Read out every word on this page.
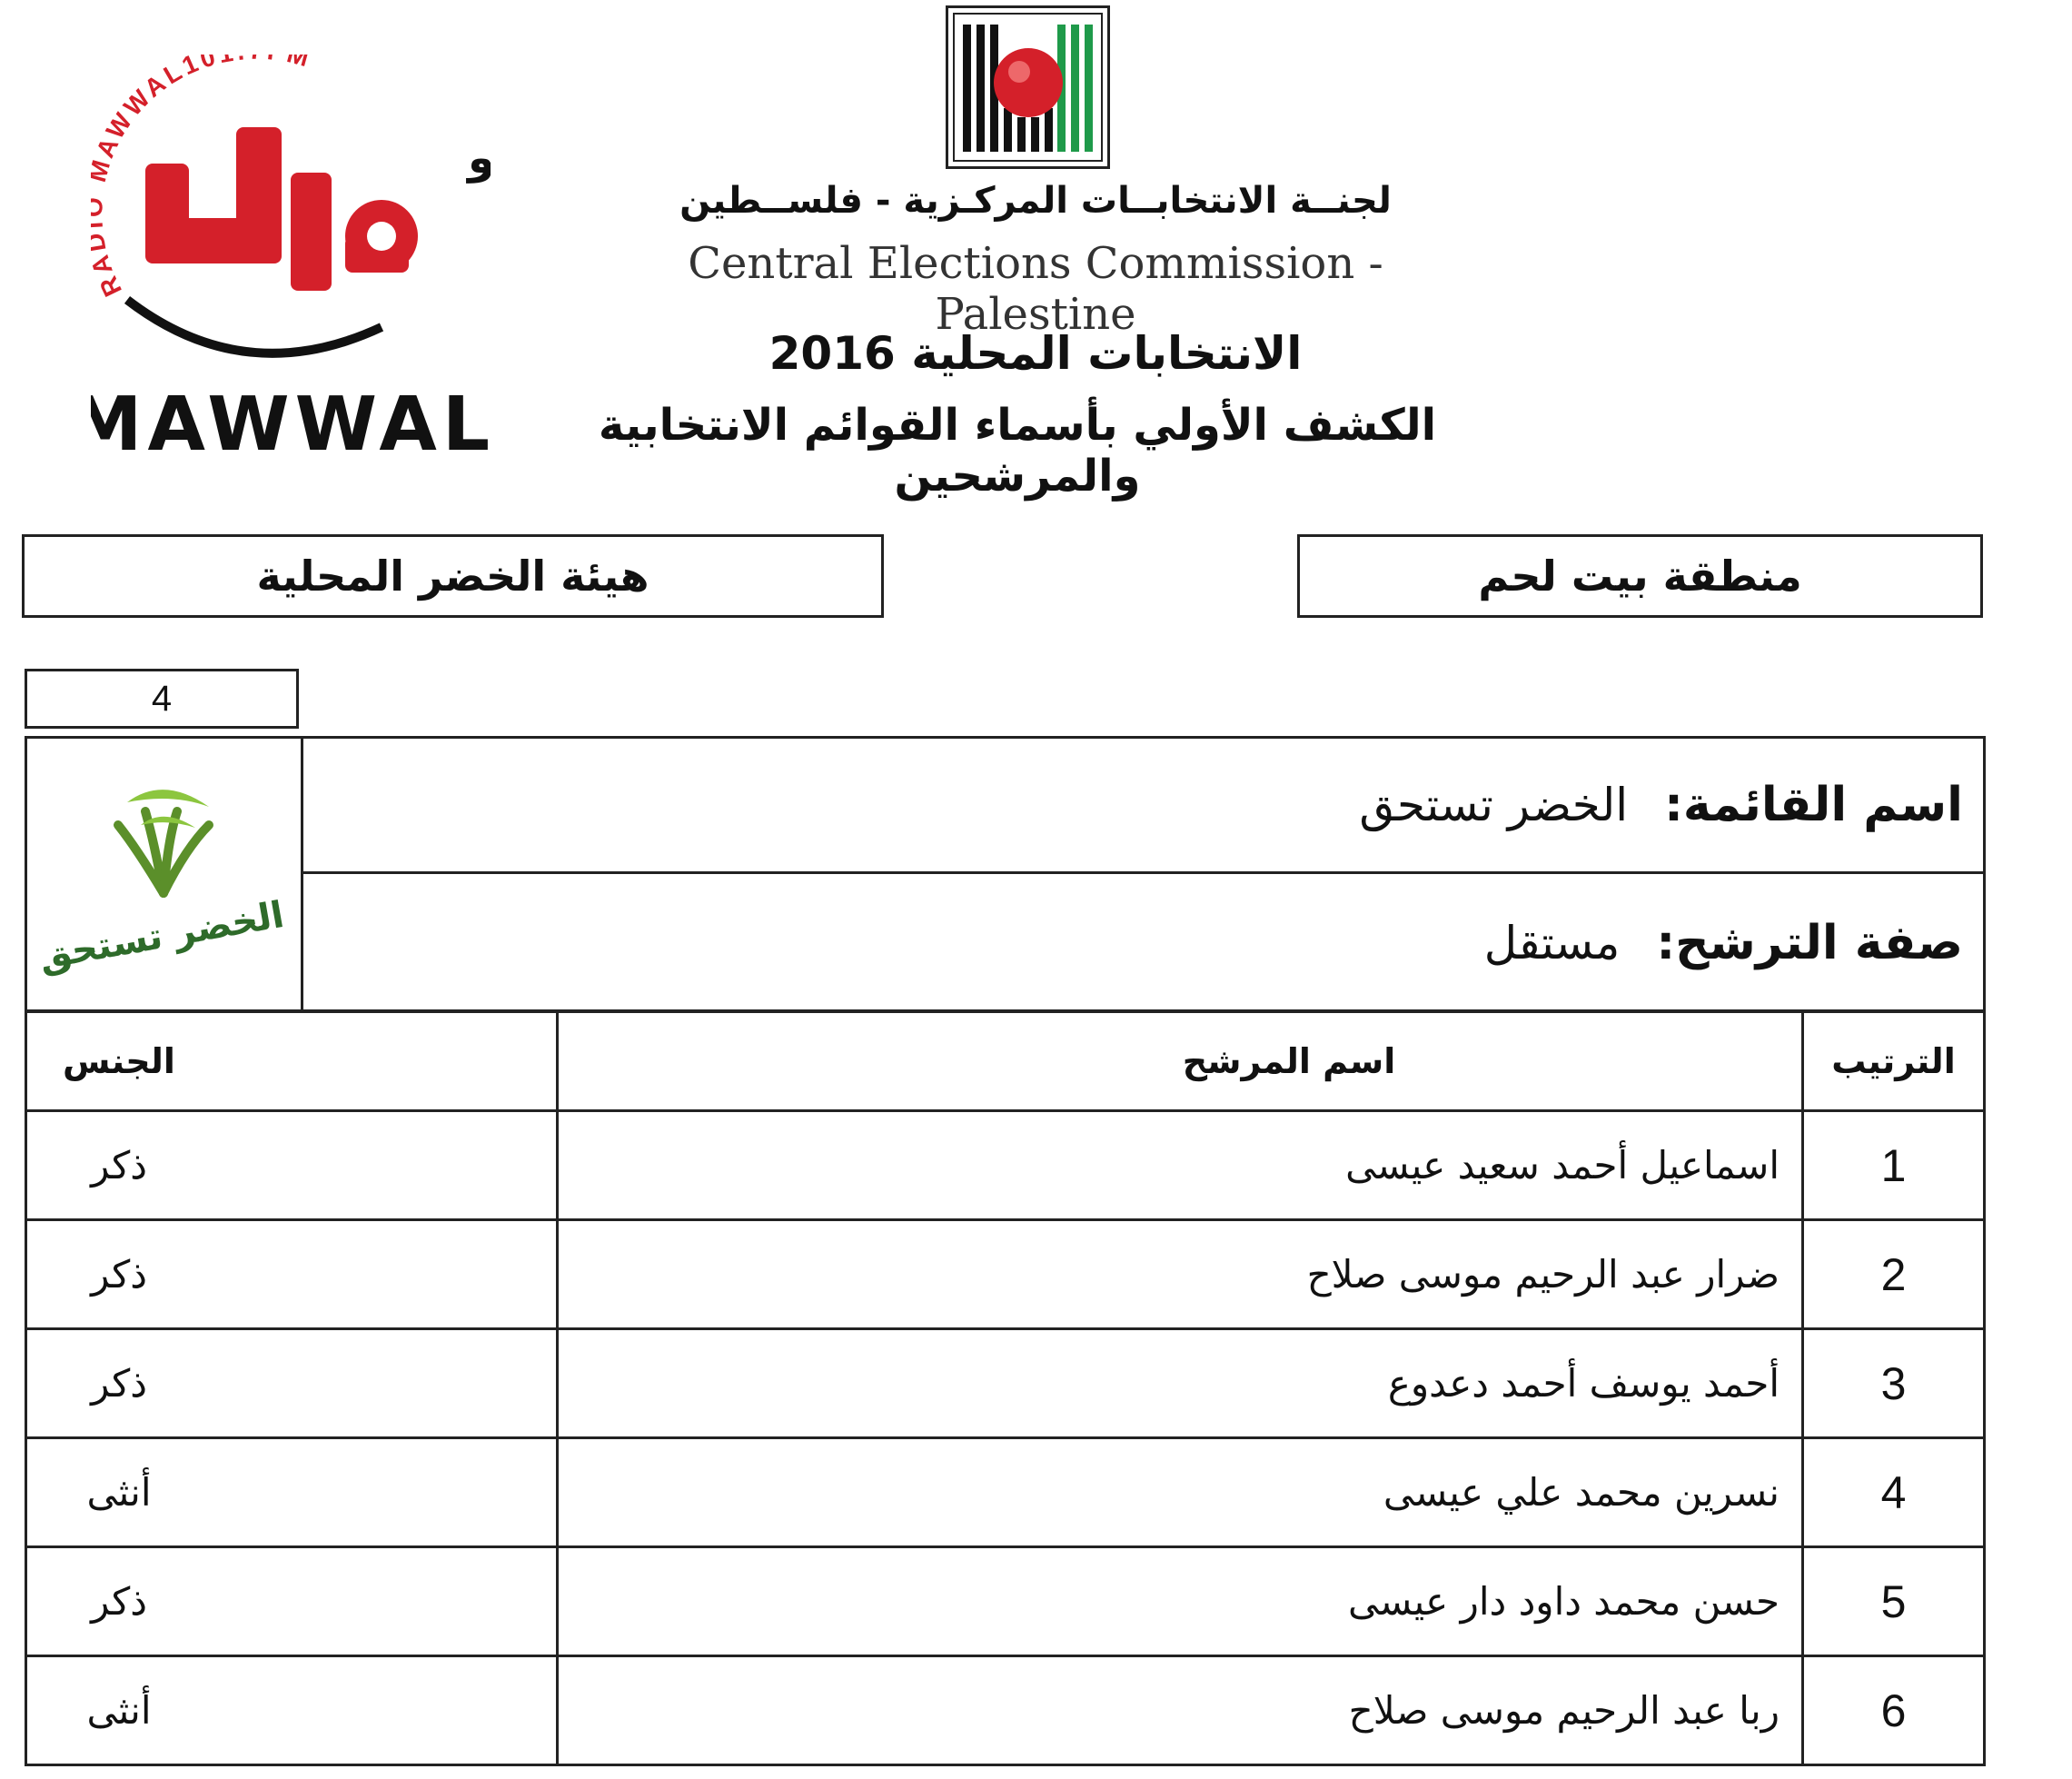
R AWWAL10 M
و
MAWWAL
لجنــة الانتخابــات المركـزية - فلســطين
Central Elections Commission - Palestine
الانتخابات المحلية 2016
الكشف الأولي بأسماء القوائم الانتخابية والمرشحين
هيئة الخضر المحلية	منطقة بيت لحم
4
الخضر تستحق
اسم القائمة:
الخضر تستحق
صفة الترشح:
مستقل
الترتيب	اسم المرشح	الجنس
1	اسماعيل أحمد سعيد عيسى	ذكر
2	ضرار عبد الرحيم موسى صلاح	ذكر
3	أحمد يوسف أحمد دعدوع	ذكر
4	نسرين محمد علي عيسى	أنثى
5	حسن محمد داود دار عيسى	ذكر
6	ربا عبد الرحيم موسى صلاح	أنثى
